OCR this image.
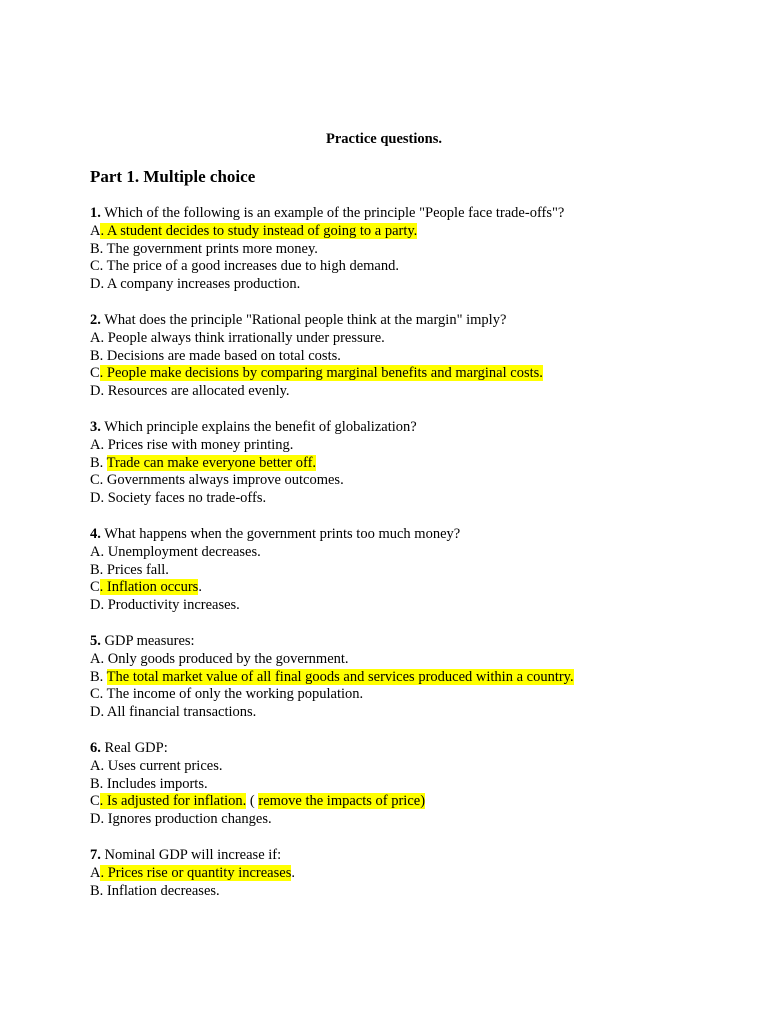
Practice questions.
Part 1. Multiple choice
1. Which of the following is an example of the principle "People face trade-offs"?
A. A student decides to study instead of going to a party.
B. The government prints more money.
C. The price of a good increases due to high demand.
D. A company increases production.
2. What does the principle "Rational people think at the margin" imply?
A. People always think irrationally under pressure.
B. Decisions are made based on total costs.
C. People make decisions by comparing marginal benefits and marginal costs.
D. Resources are allocated evenly.
3. Which principle explains the benefit of globalization?
A. Prices rise with money printing.
B. Trade can make everyone better off.
C. Governments always improve outcomes.
D. Society faces no trade-offs.
4. What happens when the government prints too much money?
A. Unemployment decreases.
B. Prices fall.
C. Inflation occurs.
D. Productivity increases.
5. GDP measures:
A. Only goods produced by the government.
B. The total market value of all final goods and services produced within a country.
C. The income of only the working population.
D. All financial transactions.
6. Real GDP:
A. Uses current prices.
B. Includes imports.
C. Is adjusted for inflation. ( remove the impacts of price)
D. Ignores production changes.
7. Nominal GDP will increase if:
A. Prices rise or quantity increases.
B. Inflation decreases.
